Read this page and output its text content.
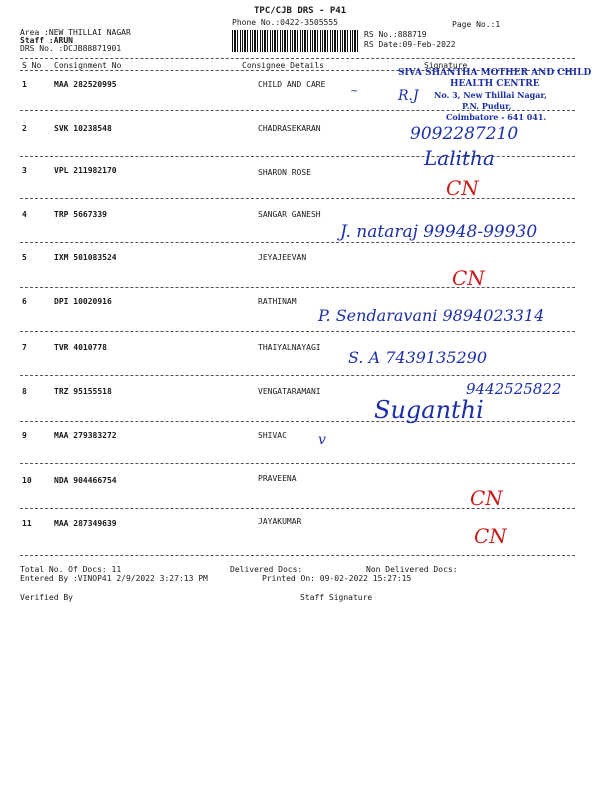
TPC/CJB DRS - P41
Phone No.:0422-3505555	Page No.:1
Area :NEW THILLAI NAGAR
Staff :ARUN
DRS No. :DCJB88871901
RS No.:888719
RS Date:09-Feb-2022
S No Consignment No	Consignee Details	Signature
1	MAA 282520995	CHILD AND CARE
2	SVK 10238548	CHADRASEKARAN
3	VPL 211982170	SHARON ROSE
4	TRP 5667339	SANGAR GANESH
5	IXM 501083524	JEYAJEEVAN
6	DPI 10020916	RATHINAM
7	TVR 4010778	THAIYALNAYAGI
8	TRZ 95155518	VENGATARAMANI
9	MAA 279383272	SHIVAC
10	NDA 904466754	PRAVEENA
11	MAA 287349639	JAYAKUMAR
SIVA SHANTHA MOTHER AND CHILD
HEALTH CENTRE
No. 3, New Thillai Nagar,
P.N. Pudur,
Coimbatore - 641 041.
R.J
~
9092287210
Lalitha
CN
J. nataraj 99948-99930
CN
P. Sendaravani 9894023314
S. A 7439135290
9442525822
Suganthi
v
CN
CN
Total No. Of Docs: 11	Delivered Docs:	Non Delivered Docs:
Entered By :VINOP41 2/9/2022 3:27:13 PM	Printed On: 09-02-2022 15:27:15
Verified By	Staff Signature
